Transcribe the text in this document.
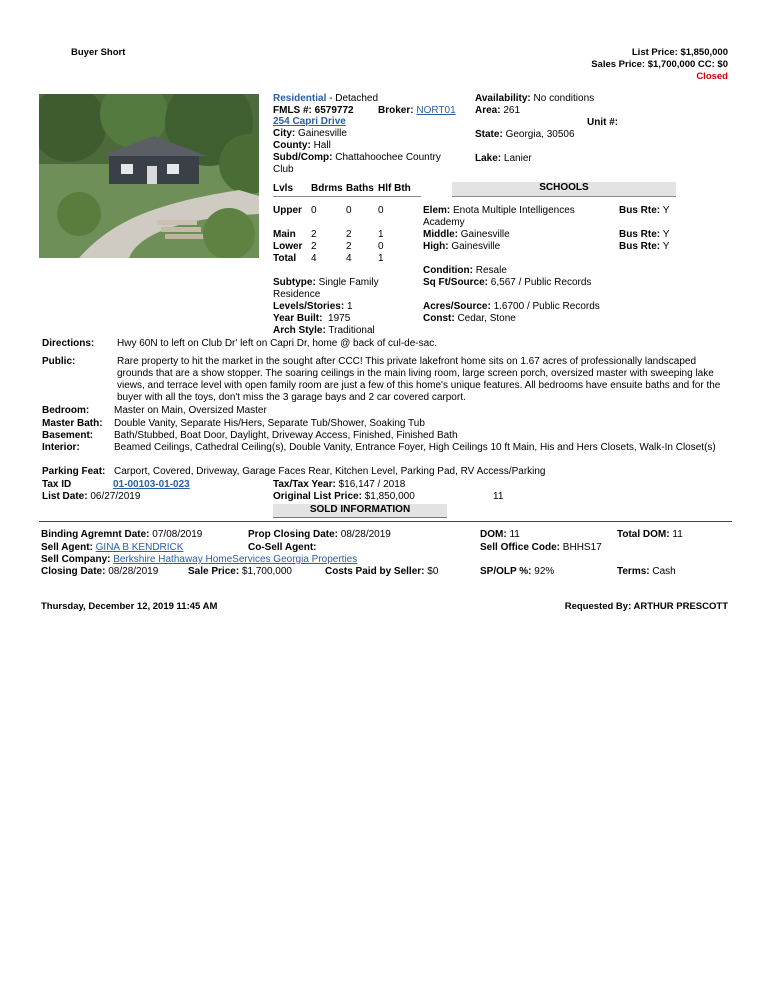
Buyer Short	List Price: $1,850,000
Sales Price: $1,700,000 CC: $0
Closed
Residential - Detached
FMLS #: 6579772 Broker: NORT01
254 Capri Drive
City: Gainesville
County: Hall
Subd/Comp: Chattahoochee Country Club
Availability: No conditions
Area: 261
Unit #:
State: Georgia, 30506
Lake: Lanier
Lvls Bdrms Baths Hlf Bth
Upper 0	0	0
Main 2	2	1
Lower 2	2	0
Total 4	4	1
SCHOOLS
Elem: Enota Multiple Intelligences Academy
Bus Rte: Y
Middle: Gainesville	Bus Rte: Y
High: Gainesville	Bus Rte: Y
Condition: Resale
Subtype: Single Family Residence
Sq Ft/Source: 6,567 / Public Records
Levels/Stories: 1	Acres/Source: 1.6700 / Public Records
Year Built: 1975	Const: Cedar, Stone
Arch Style: Traditional
Directions: Hwy 60N to left on Club Dr' left on Capri Dr, home @ back of cul-de-sac.
Public:	Rare property to hit the market in the sought after CCC! This private lakefront home sits on 1.67 acres of professionally landscaped grounds that are a show stopper. The soaring ceilings in the main living room, large screen porch, oversized master with sweeping lake views, and terrace level with open family room are just a few of this home's unique features. All bedrooms have ensuite baths and for the buyer with all the toys, don't miss the 3 garage bays and 2 car covered carport.
Bedroom: Master on Main, Oversized Master
Master Bath: Double Vanity, Separate His/Hers, Separate Tub/Shower, Soaking Tub
Basement: Bath/Stubbed, Boat Door, Daylight, Driveway Access, Finished, Finished Bath
Interior:	Beamed Ceilings, Cathedral Ceiling(s), Double Vanity, Entrance Foyer, High Ceilings 10 ft Main, His and Hers Closets, Walk-In Closet(s)
Parking Feat: Carport, Covered, Driveway, Garage Faces Rear, Kitchen Level, Parking Pad, RV Access/Parking
Tax ID	01-00103-01-023	Tax/Tax Year: $16,147 / 2018
List Date: 06/27/2019	Original List Price: $1,850,000	11
SOLD INFORMATION
Binding Agremnt Date: 07/08/2019	Prop Closing Date: 08/28/2019	DOM: 11	Total DOM: 11
Sell Agent: GINA B KENDRICK	Co-Sell Agent:	Sell Office Code: BHHS17
Sell Company: Berkshire Hathaway HomeServices Georgia Properties
Closing Date: 08/28/2019	Sale Price: $1,700,000	Costs Paid by Seller: $0	SP/OLP %: 92%	Terms: Cash
Thursday, December 12, 2019 11:45 AM	Requested By: ARTHUR PRESCOTT
